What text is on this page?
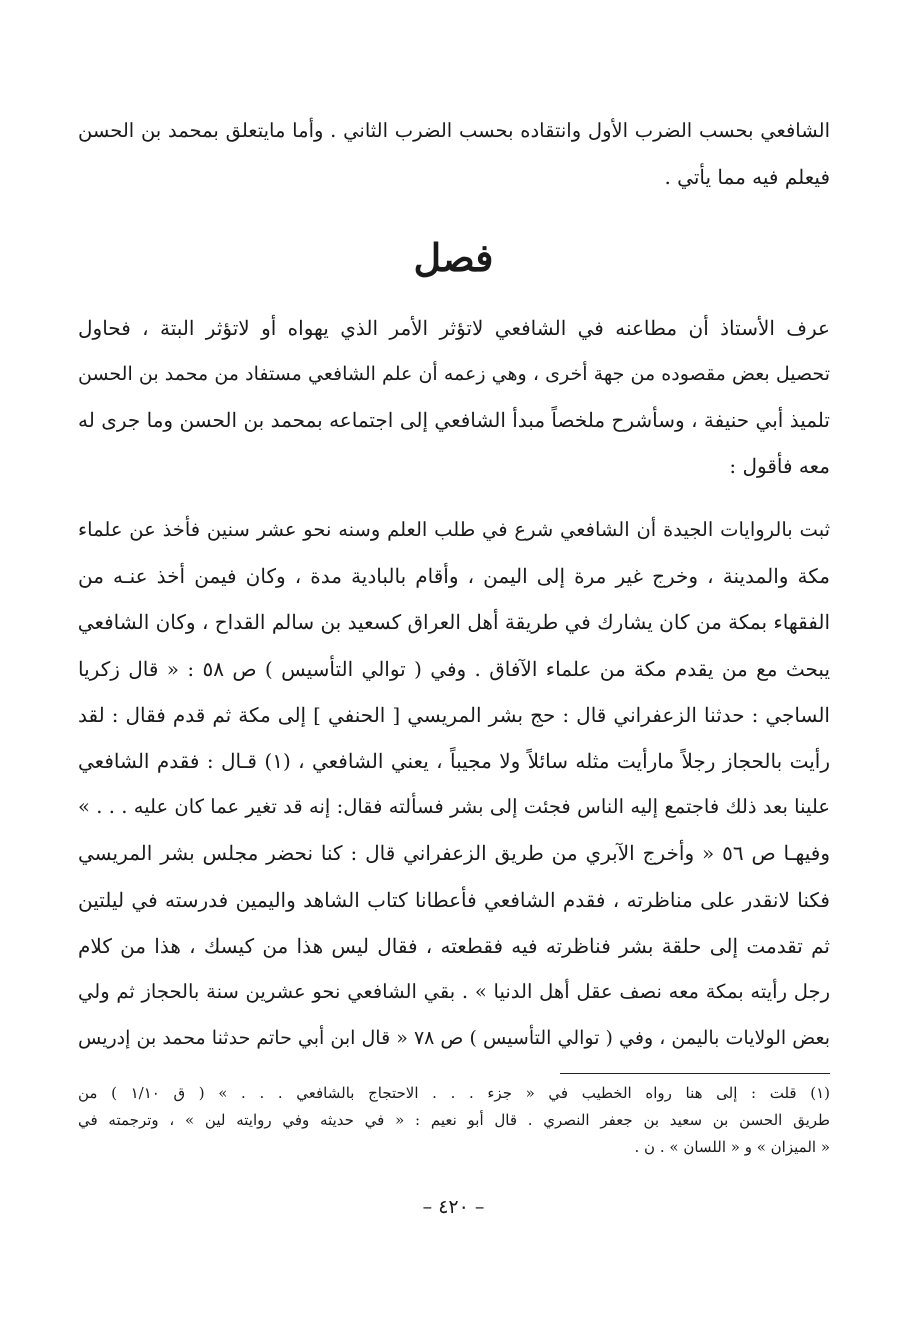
الشافعي بحسب الضرب الأول وانتقاده بحسب الضرب الثاني . وأما مايتعلق بمحمد بن الحسن
فيعلم فيه مما يأتي .
فصل
عرف الأستاذ أن مطاعنه في الشافعي لاتؤثر الأمر الذي يهواه أو لاتؤثر البتة ، فحاول
تحصيل بعض مقصوده من جهة أخرى ، وهي زعمه أن علم الشافعي مستفاد من محمد بن الحسن
تلميذ أبي حنيفة ، وسأشرح ملخصاً مبدأ الشافعي إلى اجتماعه بمحمد بن الحسن وما جرى له
معه فأقول :
ثبت بالروايات الجيدة أن الشافعي شرع في طلب العلم وسنه نحو عشر سنين فأخذ عن علماء
مكة والمدينة ، وخرج غير مرة إلى اليمن ، وأقام بالبادية مدة ، وكان فيمن أخذ عنـه من
الفقهاء بمكة من كان يشارك في طريقة أهل العراق كسعيد بن سالم القداح ، وكان الشافعي
يبحث مع من يقدم مكة من علماء الآفاق . وفي ( توالي التأسيس ) ص ٥٨ : « قال زكريا
الساجي : حدثنا الزعفراني قال : حج بشر المريسي [ الحنفي ] إلى مكة ثم قدم فقال : لقد
رأيت بالحجاز رجلاً مارأيت مثله سائلاً ولا مجيباً ، يعني الشافعي ، (١) قـال : فقدم الشافعي
علينا بعد ذلك فاجتمع إليه الناس فجئت إلى بشر فسألته فقال: إنه قد تغير عما كان عليه . . . »
وفيهـا ص ٥٦ « وأخرج الآبري من طريق الزعفراني قال : كنا نحضر مجلس بشر المريسي
فكنا لانقدر على مناظرته ، فقدم الشافعي فأعطانا كتاب الشاهد واليمين فدرسته في ليلتين
ثم تقدمت إلى حلقة بشر فناظرته فيه فقطعته ، فقال ليس هذا من كيسك ، هذا من كلام
رجل رأيته بمكة معه نصف عقل أهل الدنيا » . بقي الشافعي نحو عشرين سنة بالحجاز ثم ولي
بعض الولايات باليمن ، وفي ( توالي التأسيس ) ص ٧٨ « قال ابن أبي حاتم حدثنا محمد بن إدريس
(١) قلت : إلى هنا رواه الخطيب في « جزء . . . الاحتجاج بالشافعي . . . » ( ق ١/١٠ ) من
طريق الحسن بن سعيد بن جعفر النصري . قال أبو نعيم : « في حديثه وفي روايته لين » ، وترجمته في
« الميزان » و « اللسان » . ن .
– ٤٢٠ –
